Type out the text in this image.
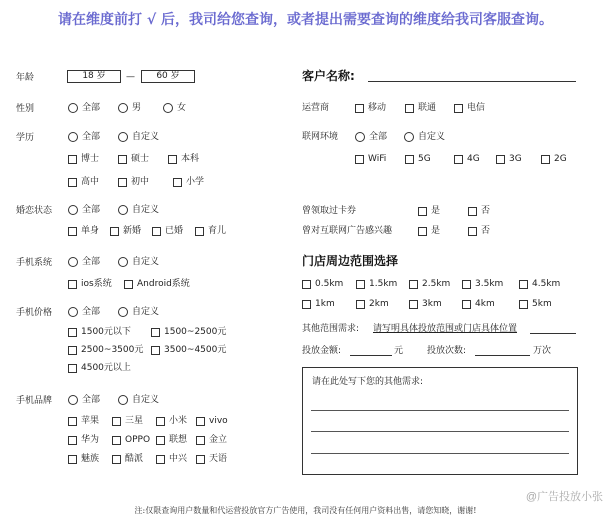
请在维度前打 √ 后，我司给您查询，或者提出需要查询的维度给我司客服查询。
年龄	18 岁	—	60 岁
性别	全部	男	女
学历	全部	自定义
博士	硕士	本科
高中	初中	小学
婚恋状态	全部	自定义
单身	新婚	已婚	育儿
手机系统	全部	自定义
ios系统	Android系统
手机价格	全部	自定义
1500元以下	1500~2500元
2500~3500元 3500~4500元
4500元以上
手机品牌	全部	自定义
苹果	三星	小米 vivo
华为	OPPO 联想 金立
魅族	酷派	中兴 天语
客户名称:
运营商	移动	联通	电信
联网环境	全部	自定义
WiFi	5G	4G	3G	2G
曾领取过卡券	是	否
曾对互联网广告感兴趣	是	否
门店周边范围选择
0.5km	1.5km	2.5km	3.5km	4.5km
1km	2km	3km	4km	5km
其他范围需求: 请写明具体投放范围或门店具体位置
投放金额:	元	投放次数:	万次
请在此处写下您的其他需求:
注:仅限查询用户数量和代运营投放官方广告使用，我司没有任何用户资料出售，请您知晓，谢谢!
@广告投放小张
